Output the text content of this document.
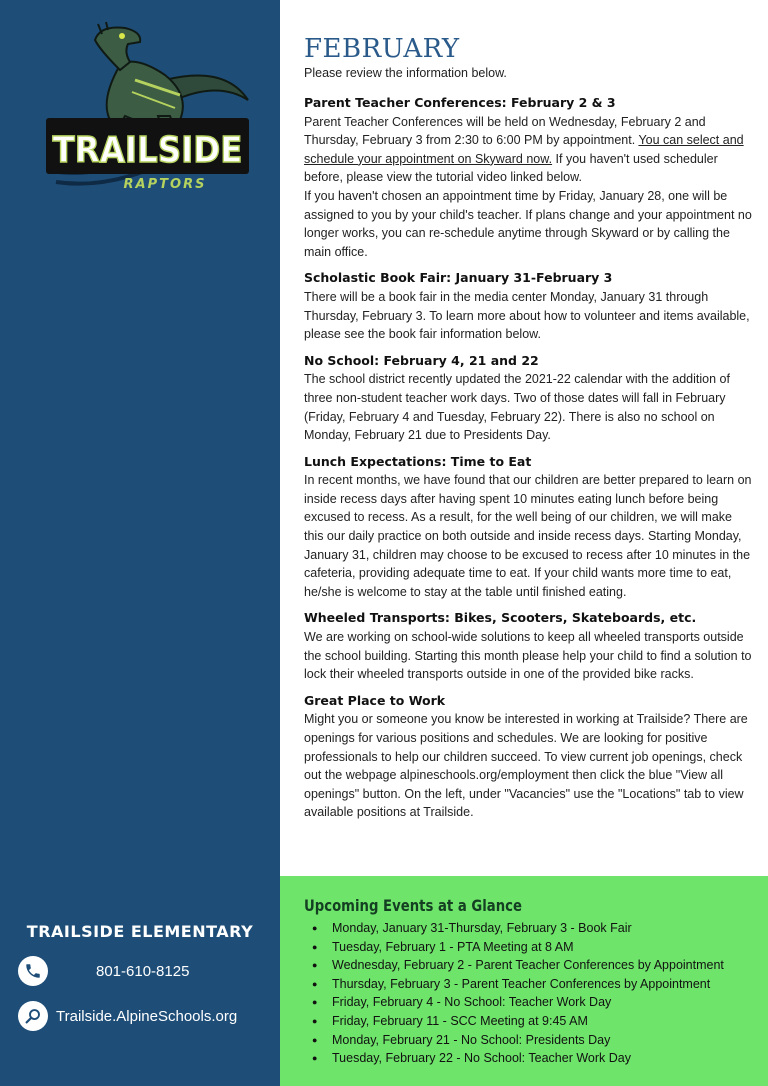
TRAILSIDE
RAPTORS
TRAILSIDE ELEMENTARY
801-610-8125
Trailside.AlpineSchools.org
FEBRUARY
Please review the information below.
Parent Teacher Conferences: February 2 & 3

Parent Teacher Conferences will be held on Wednesday, February 2 and Thursday, February 3 from 2:30 to 6:00 PM by appointment. You can select and schedule your appointment on Skyward now. If you haven't used scheduler before, please view the tutorial video linked below.

If you haven't chosen an appointment time by Friday, January 28, one will be assigned to you by your child's teacher. If plans change and your appointment no longer works, you can re-schedule anytime through Skyward or by calling the main office.

Scholastic Book Fair: January 31-February 3

There will be a book fair in the media center Monday, January 31 through Thursday, February 3. To learn more about how to volunteer and items available, please see the book fair information below.

No School: February 4, 21 and 22

The school district recently updated the 2021-22 calendar with the addition of three non-student teacher work days. Two of those dates will fall in February (Friday, February 4 and Tuesday, February 22). There is also no school on Monday, February 21 due to Presidents Day.

Lunch Expectations: Time to Eat

In recent months, we have found that our children are better prepared to learn on inside recess days after having spent 10 minutes eating lunch before being excused to recess. As a result, for the well being of our children, we will make this our daily practice on both outside and inside recess days. Starting Monday, January 31, children may choose to be excused to recess after 10 minutes in the cafeteria, providing adequate time to eat. If your child wants more time to eat, he/she is welcome to stay at the table until finished eating.

Wheeled Transports: Bikes, Scooters, Skateboards, etc.

We are working on school-wide solutions to keep all wheeled transports outside the school building. Starting this month please help your child to find a solution to lock their wheeled transports outside in one of the provided bike racks.

Great Place to Work

Might you or someone you know be interested in working at Trailside? There are openings for various positions and schedules. We are looking for positive professionals to help our children succeed. To view current job openings, check out the webpage alpineschools.org/employment then click the blue "View all openings" button. On the left, under "Vacancies" use the "Locations" tab to view available positions at Trailside.

Upcoming Events at a Glance
● Monday, January 31-Thursday, February 3 - Book Fair
● Tuesday, February 1 - PTA Meeting at 8 AM
● Wednesday, February 2 - Parent Teacher Conferences by Appointment
● Thursday, February 3 - Parent Teacher Conferences by Appointment
● Friday, February 4 - No School: Teacher Work Day
● Friday, February 11 - SCC Meeting at 9:45 AM
● Monday, February 21 - No School: Presidents Day
● Tuesday, February 22 - No School: Teacher Work Day
